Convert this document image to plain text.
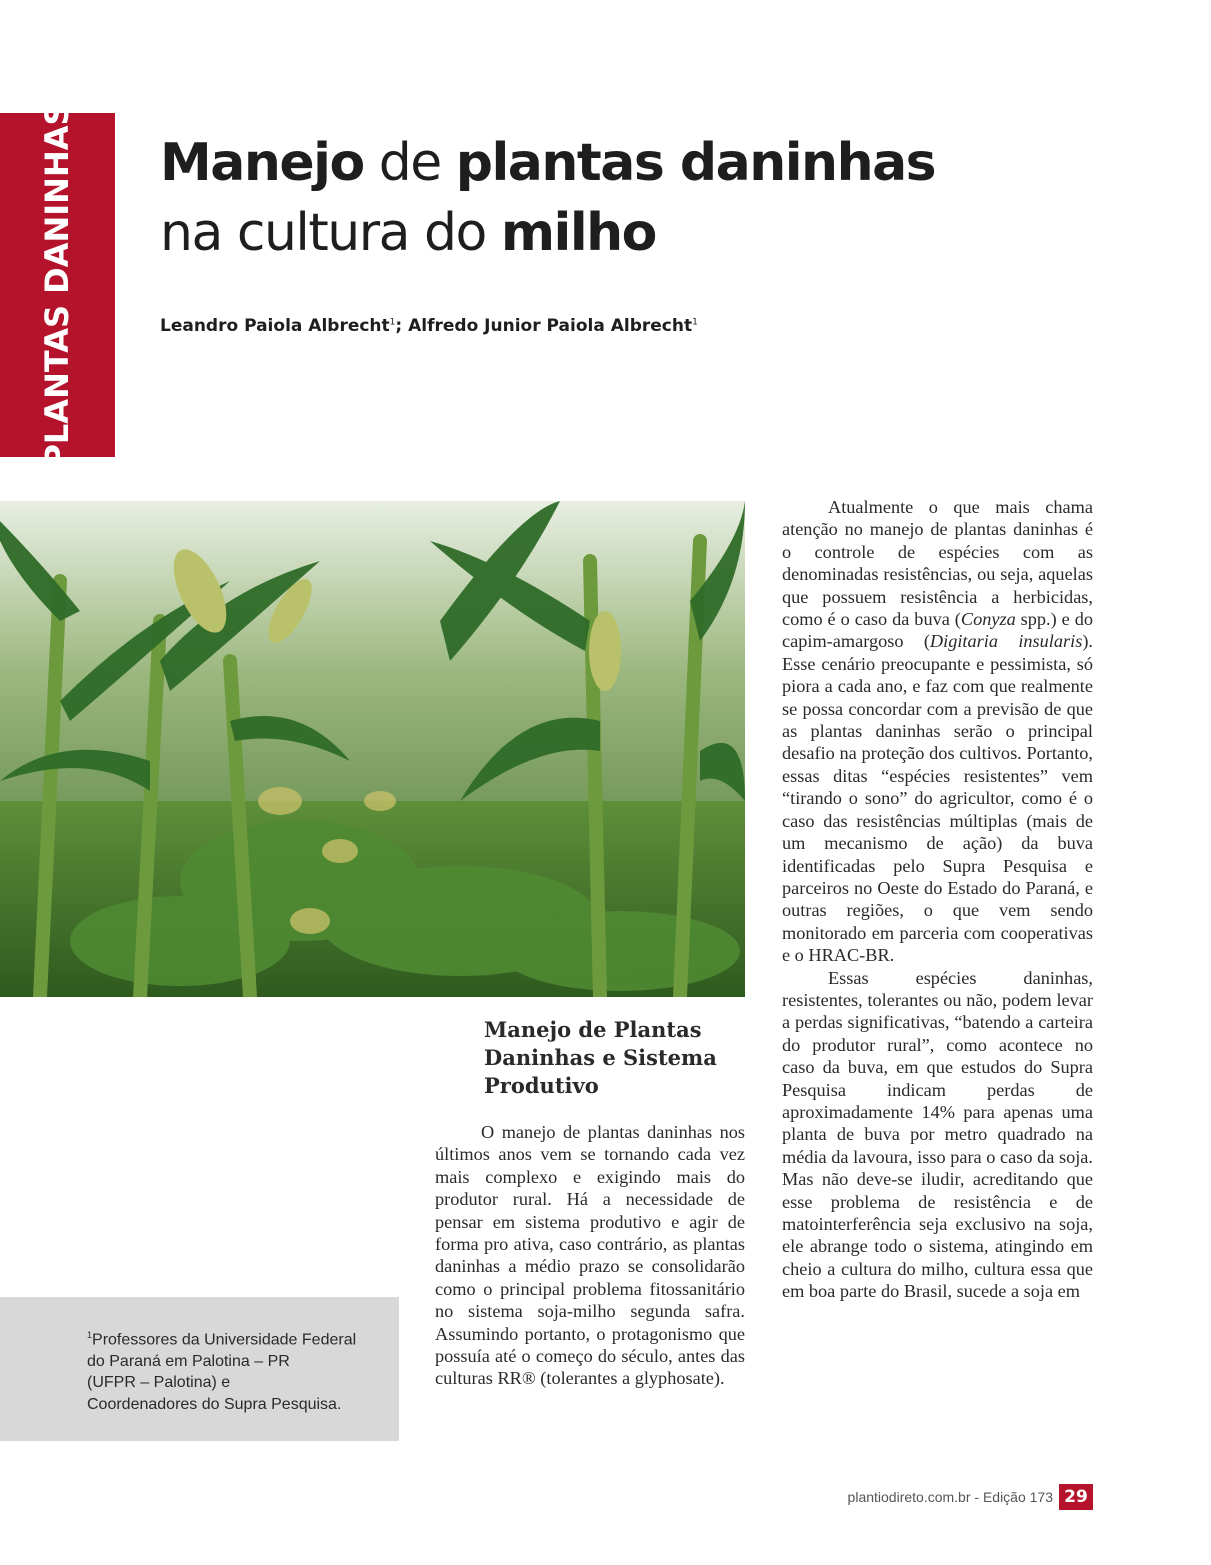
PLANTAS DANINHAS Manejo de plantas daninhas
na cultura do milho
Leandro Paiola Albrecht$^1$; Alfredo Junior Paiola Albrecht$^1$
Manejo de Plantas
Daninhas e Sistema
Produtivo

O manejo de plantas daninhas nos últimos anos vem se tornando cada vez mais complexo e exigindo mais do produtor rural. Há a necessidade de pensar em sistema produtivo e agir de forma pro ativa, caso contrário, as plantas daninhas a médio prazo se consolidarão como o principal problema fitossanitário no sistema soja-milho segunda safra. Assumindo portanto, o protagonismo que possuía até o começo do século, antes das culturas RR® (tolerantes a glyphosate).

Atualmente o que mais chama atenção no manejo de plantas daninhas é o controle de espécies com as denominadas resistências, ou seja, aquelas que possuem resistência a herbicidas, como é o caso da buva (Conyza spp.) e do capim-amargoso (Digitaria insularis). Esse cenário preocupante e pessimista, só piora a cada ano, e faz com que realmente se possa concordar com a previsão de que as plantas daninhas serão o principal desafio na proteção dos cultivos. Portanto, essas ditas “espécies resistentes” vem “tirando o sono” do agricultor, como é o caso das resistências múltiplas (mais de um mecanismo de ação) da buva identificadas pelo Supra Pesquisa e parceiros no Oeste do Estado do Paraná, e outras regiões, o que vem sendo monitorado em parceria com cooperativas e o HRAC-BR.

Essas espécies daninhas, resistentes, tolerantes ou não, podem levar a perdas significativas, “batendo a carteira do produtor rural”, como acontece no caso da buva, em que estudos do Supra Pesquisa indicam perdas de aproximadamente 14% para apenas uma planta de buva por metro quadrado na média da lavoura, isso para o caso da soja. Mas não deve-se iludir, acreditando que esse problema de resistência e de matointerferência seja exclusivo na soja, ele abrange todo o sistema, atingindo em cheio a cultura do milho, cultura essa que em boa parte do Brasil, sucede a soja em

$^1$Professores da Universidade Federal
do Paraná em Palotina – PR
(UFPR – Palotina) e
Coordenadores do Supra Pesquisa.
plantiodireto.com.br - Edição 173 29
